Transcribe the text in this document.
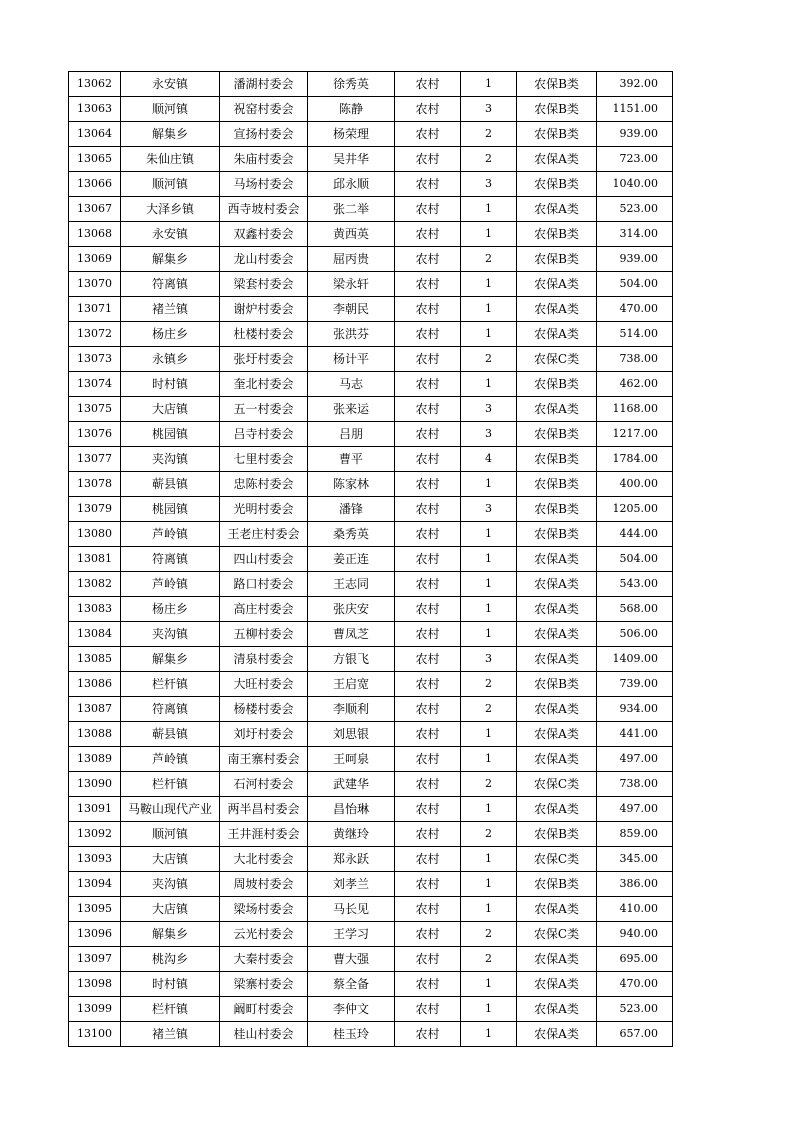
13062	永安镇	潘湖村委会	徐秀英	农村	1	农保B类	392.00
13063	顺河镇	祝窑村委会	陈静	农村	3	农保B类	1151.00
13064	解集乡	宣扬村委会	杨荣理	农村	2	农保B类	939.00
13065	朱仙庄镇	朱庙村委会	吴井华	农村	2	农保A类	723.00
13066	顺河镇	马场村委会	邱永顺	农村	3	农保B类	1040.00
13067	大泽乡镇	西寺坡村委会	张二举	农村	1	农保A类	523.00
13068	永安镇	双鑫村委会	黄西英	农村	1	农保B类	314.00
13069	解集乡	龙山村委会	屈丙贵	农村	2	农保B类	939.00
13070	符离镇	梁套村委会	梁永轩	农村	1	农保A类	504.00
13071	褚兰镇	谢炉村委会	李朝民	农村	1	农保A类	470.00
13072	杨庄乡	杜楼村委会	张洪芬	农村	1	农保A类	514.00
13073	永镇乡	张圩村委会	杨计平	农村	2	农保C类	738.00
13074	时村镇	奎北村委会	马志	农村	1	农保B类	462.00
13075	大店镇	五一村委会	张来运	农村	3	农保A类	1168.00
13076	桃园镇	吕寺村委会	吕朋	农村	3	农保B类	1217.00
13077	夹沟镇	七里村委会	曹平	农村	4	农保B类	1784.00
13078	蕲县镇	忠陈村委会	陈家林	农村	1	农保B类	400.00
13079	桃园镇	光明村委会	潘锋	农村	3	农保B类	1205.00
13080	芦岭镇	王老庄村委会	桑秀英	农村	1	农保B类	444.00
13081	符离镇	四山村委会	姜正连	农村	1	农保A类	504.00
13082	芦岭镇	路口村委会	王志同	农村	1	农保A类	543.00
13083	杨庄乡	高庄村委会	张庆安	农村	1	农保A类	568.00
13084	夹沟镇	五柳村委会	曹凤芝	农村	1	农保A类	506.00
13085	解集乡	清泉村委会	方银飞	农村	3	农保A类	1409.00
13086	栏杆镇	大旺村委会	王启宽	农村	2	农保B类	739.00
13087	符离镇	杨楼村委会	李顺利	农村	2	农保A类	934.00
13088	蕲县镇	刘圩村委会	刘思银	农村	1	农保A类	441.00
13089	芦岭镇	南王寨村委会	王呵泉	农村	1	农保A类	497.00
13090	栏杆镇	石河村委会	武建华	农村	2	农保C类	738.00
13091	马鞍山现代产业	两半昌村委会	昌怡琳	农村	1	农保A类	497.00
13092	顺河镇	王井涯村委会	黄继玲	农村	2	农保B类	859.00
13093	大店镇	大北村委会	郑永跃	农村	1	农保C类	345.00
13094	夹沟镇	周坡村委会	刘孝兰	农村	1	农保B类	386.00
13095	大店镇	梁场村委会	马长见	农村	1	农保A类	410.00
13096	解集乡	云光村委会	王学习	农村	2	农保C类	940.00
13097	桃沟乡	大秦村委会	曹大强	农村	2	农保A类	695.00
13098	时村镇	梁寨村委会	蔡全备	农村	1	农保A类	470.00
13099	栏杆镇	阚町村委会	李仲文	农村	1	农保A类	523.00
13100	褚兰镇	桂山村委会	桂玉玲	农村	1	农保A类	657.00
